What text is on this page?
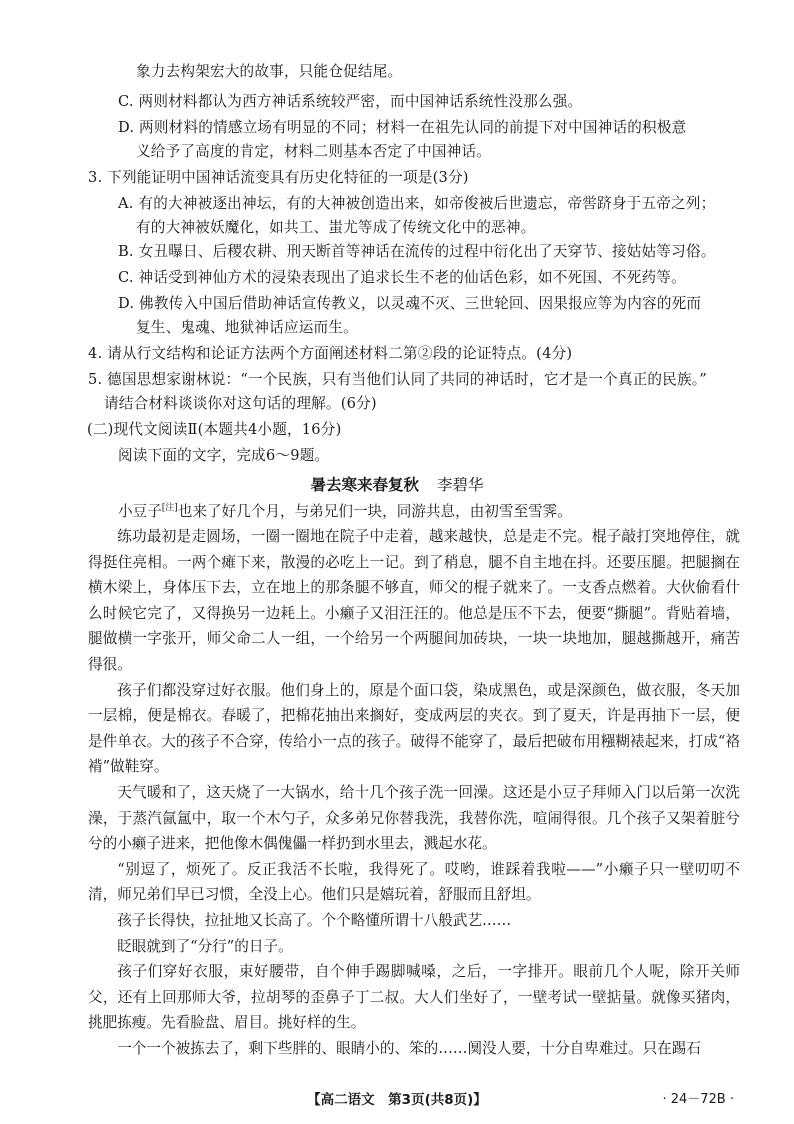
象力去构架宏大的故事，只能仓促结尾。
C. 两则材料都认为西方神话系统较严密，而中国神话系统性没那么强。
D. 两则材料的情感立场有明显的不同；材料一在祖先认同的前提下对中国神话的积极意
义给予了高度的肯定，材料二则基本否定了中国神话。
3. 下列能证明中国神话流变具有历史化特征的一项是(3分)
A. 有的大神被逐出神坛，有的大神被创造出来，如帝俊被后世遗忘，帝喾跻身于五帝之列；
有的大神被妖魔化，如共工、蚩尤等成了传统文化中的恶神。
B. 女丑曝日、后稷农耕、刑天断首等神话在流传的过程中衍化出了天穿节、接姑姑等习俗。
C. 神话受到神仙方术的浸染表现出了追求长生不老的仙话色彩，如不死国、不死药等。
D. 佛教传入中国后借助神话宣传教义，以灵魂不灭、三世轮回、因果报应等为内容的死而
复生、鬼魂、地狱神话应运而生。
4. 请从行文结构和论证方法两个方面阐述材料二第②段的论证特点。(4分)
5. 德国思想家谢林说：“一个民族，只有当他们认同了共同的神话时，它才是一个真正的民族。”
请结合材料谈谈你对这句话的理解。(6分)
(二)现代文阅读Ⅱ(本题共4小题，16分)
阅读下面的文字，完成6～9题。
暑去寒来春复秋 李碧华

小豆子[注]也来了好几个月，与弟兄们一块，同游共息，由初雪至雪霁。

练功最初是走圆场，一圈一圈地在院子中走着，越来越快，总是走不完。棍子敲打突地停住，就得挺住亮相。一两个瘫下来，散漫的必吃上一记。到了稍息，腿不自主地在抖。还要压腿。把腿搁在横木梁上，身体压下去，立在地上的那条腿不够直，师父的棍子就来了。一支香点燃着。大伙偷看什么时候它完了，又得换另一边耗上。小癞子又泪汪汪的。他总是压不下去，便要“撕腿”。背贴着墙，腿做横一字张开，师父命二人一组，一个给另一个两腿间加砖块，一块一块地加，腿越撕越开，痛苦得很。

孩子们都没穿过好衣服。他们身上的，原是个面口袋，染成黑色，或是深颜色，做衣服，冬天加一层棉，便是棉衣。春暖了，把棉花抽出来搁好，变成两层的夹衣。到了夏天，许是再抽下一层，便是件单衣。大的孩子不合穿，传给小一点的孩子。破得不能穿了，最后把破布用糨糊裱起来，打成“袼褙”做鞋穿。

天气暖和了，这天烧了一大锅水，给十几个孩子洗一回澡。这还是小豆子拜师入门以后第一次洗澡，于蒸汽氤氲中，取一个木勺子，众多弟兄你替我洗，我替你洗，喧闹得很。几个孩子又架着脏兮兮的小癞子进来，把他像木偶傀儡一样扔到水里去，溅起水花。

“别逗了，烦死了。反正我活不长啦，我得死了。哎哟，谁踩着我啦——”小癞子只一壁叨叨不清，师兄弟们早已习惯，全没上心。他们只是嬉玩着，舒服而且舒坦。

孩子长得快，拉扯地又长高了。个个略懂所谓十八般武艺……

眨眼就到了“分行”的日子。

孩子们穿好衣服，束好腰带，自个伸手踢脚喊嗓，之后，一字排开。眼前几个人呢，除开关师父，还有上回那师大爷，拉胡琴的歪鼻子丁二叔。大人们坐好了，一壁考试一壁掂量。就像买猪肉，挑肥拣瘦。先看脸盘、眉目。挑好样的生。

一个一个被拣去了，剩下些胖的、眼睛小的、笨的……阒没人要，十分自卑难过。只在踢石

【高二语文　第3页(共8页)】	· 24－72B ·
